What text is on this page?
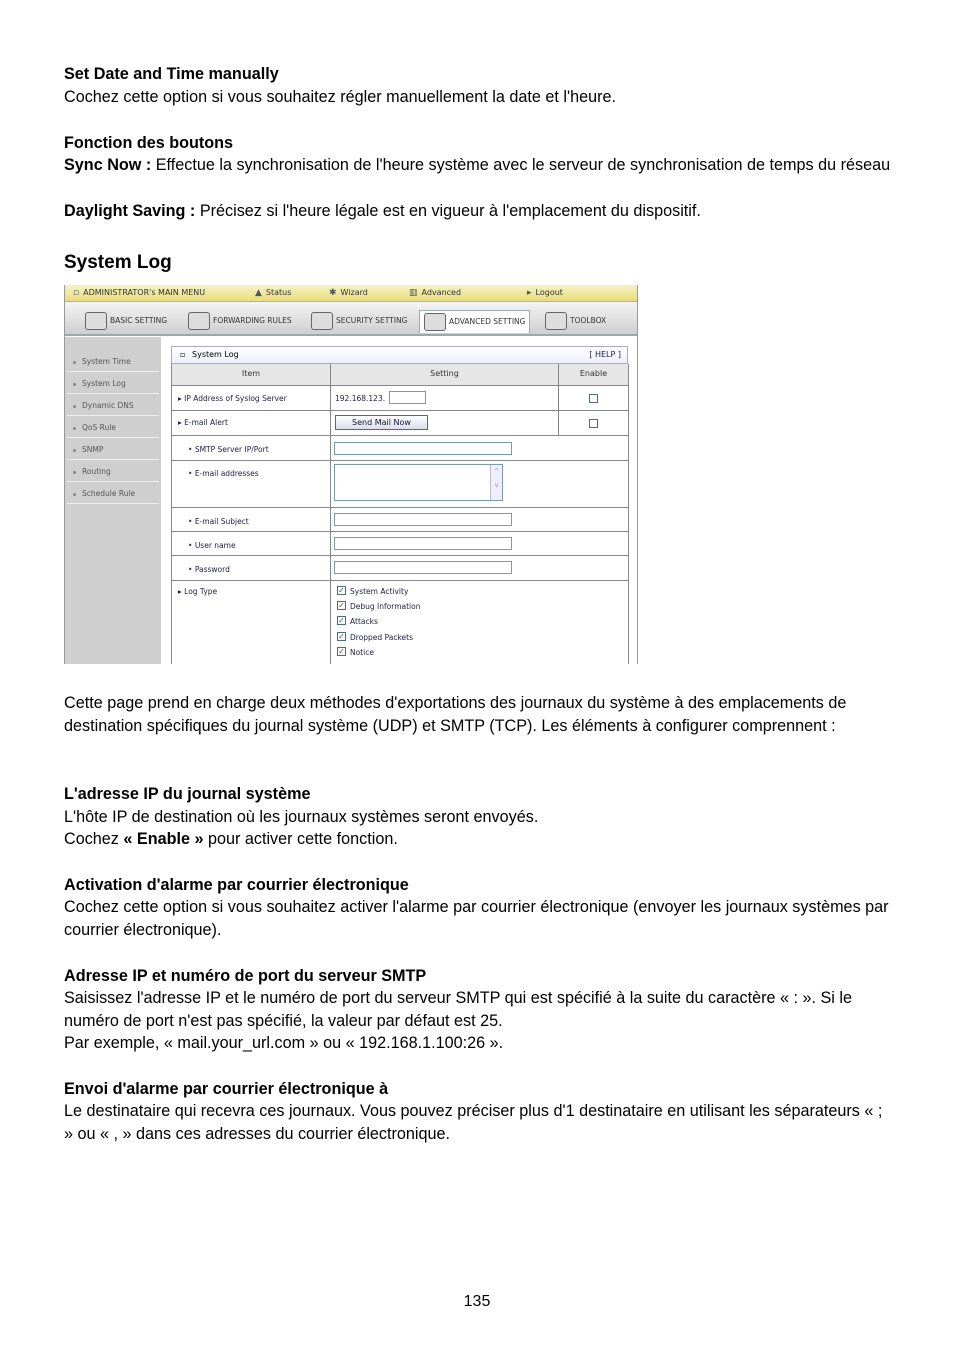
Set Date and Time manually

Cochez cette option si vous souhaitez régler manuellement la date et l'heure.

Fonction des boutons

Sync Now : Effectue la synchronisation de l'heure système avec le serveur de synchronisation de temps du réseau

Daylight Saving : Précisez si l'heure légale est en vigueur à l'emplacement du dispositif.

System Log
▫ ADMINISTRATOR's MAIN MENU	▲ Status	✱ Wizard	▥ Advanced	▸ Logout
BASIC SETTING	FORWARDING RULES	SECURITY SETTING	ADVANCED SETTING	TOOLBOX
System Time
System Log
Dynamic DNS
QoS Rule
SNMP
Routing
Schedule Rule
▫ System Log	[ HELP ]
Item	Setting	Enable
▸ IP Address of Syslog Server	192.168.123.
▸ E-mail Alert	Send Mail Now
• SMTP Server IP/Port
• E-mail addresses	^
v
• E-mail Subject
• User name
• Password
▸ Log Type	✓ System Activity
✓ Debug Information
✓ Attacks
✓ Dropped Packets
✓ Notice

Cette page prend en charge deux méthodes d'exportations des journaux du système à des emplacements de destination spécifiques du journal système (UDP) et SMTP (TCP). Les éléments à configurer comprennent :

L'adresse IP du journal système

L'hôte IP de destination où les journaux systèmes seront envoyés.

Cochez « Enable » pour activer cette fonction.

Activation d'alarme par courrier électronique

Cochez cette option si vous souhaitez activer l'alarme par courrier électronique (envoyer les journaux systèmes par courrier électronique).

Adresse IP et numéro de port du serveur SMTP

Saisissez l'adresse IP et le numéro de port du serveur SMTP qui est spécifié à la suite du caractère « : ». Si le numéro de port n'est pas spécifié, la valeur par défaut est 25.

Par exemple, « mail.your_url.com » ou « 192.168.1.100:26 ».

Envoi d'alarme par courrier électronique à

Le destinataire qui recevra ces journaux. Vous pouvez préciser plus d'1 destinataire en utilisant les séparateurs « ; » ou « , » dans ces adresses du courrier électronique.

135
